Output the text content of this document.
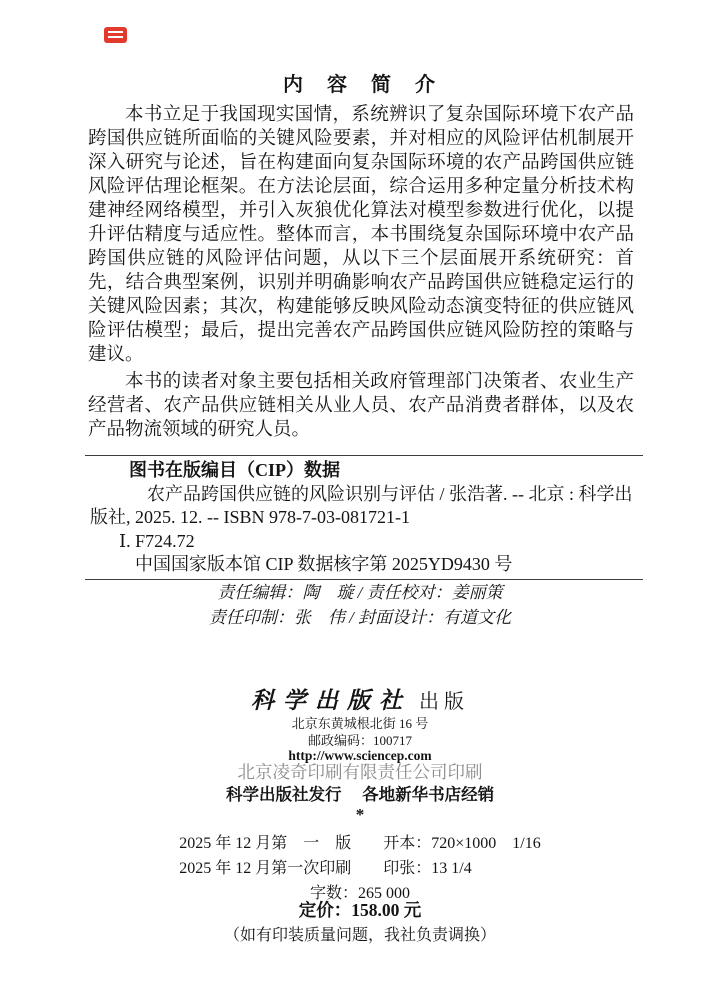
内　容　简　介

本书立足于我国现实国情，系统辨识了复杂国际环境下农产品跨国供应链所面临的关键风险要素，并对相应的风险评估机制展开深入研究与论述，旨在构建面向复杂国际环境的农产品跨国供应链风险评估理论框架。在方法论层面，综合运用多种定量分析技术构建神经网络模型，并引入灰狼优化算法对模型参数进行优化，以提升评估精度与适应性。整体而言，本书围绕复杂国际环境中农产品跨国供应链的风险评估问题，从以下三个层面展开系统研究：首先，结合典型案例，识别并明确影响农产品跨国供应链稳定运行的关键风险因素；其次，构建能够反映风险动态演变特征的供应链风险评估模型；最后，提出完善农产品跨国供应链风险防控的策略与建议。

本书的读者对象主要包括相关政府管理部门决策者、农业生产经营者、农产品供应链相关从业人员、农产品消费者群体，以及农产品物流领域的研究人员。

图书在版编目（CIP）数据
农产品跨国供应链的风险识别与评估 / 张浩著. -- 北京 : 科学出
版社, 2025. 12. -- ISBN 978-7-03-081721-1
Ⅰ. F724.72
中国国家版本馆 CIP 数据核字第 2025YD9430 号
责任编辑：陶　璇 / 责任校对：姜丽策
责任印制：张　伟 / 封面设计：有道文化
科学出版社 出版
北京东黄城根北街 16 号
邮政编码：100717
http://www.sciencep.com
北京凌奇印刷有限责任公司印刷
科学出版社发行　 各地新华书店经销
*
2025 年 12 月第　一　版　　开本：720×1000　1/16
2025 年 12 月第一次印刷　　印张：13 1/4
字数：265 000
定价：158.00 元
（如有印装质量问题，我社负责调换）
